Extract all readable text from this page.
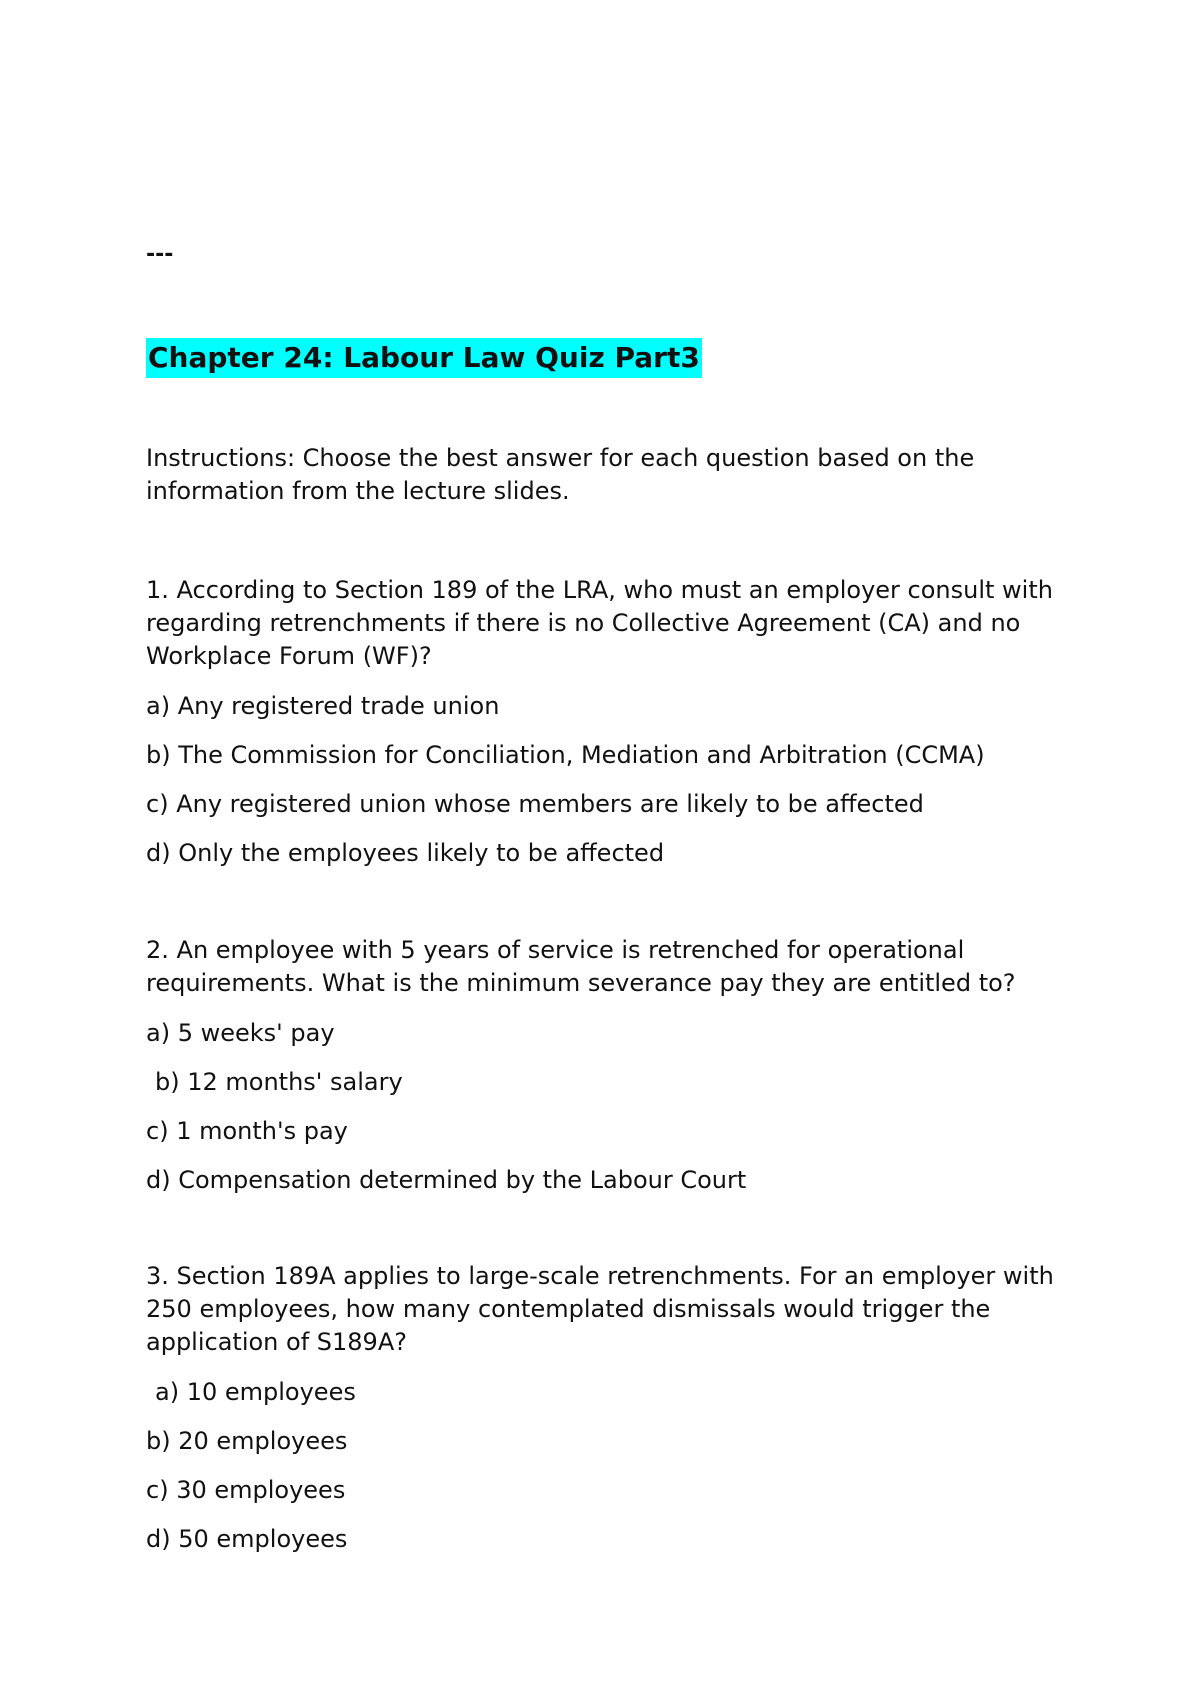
---
Chapter 24: Labour Law Quiz Part3
Instructions: Choose the best answer for each question based on the information from the lecture slides.
1. According to Section 189 of the LRA, who must an employer consult with regarding retrenchments if there is no Collective Agreement (CA) and no Workplace Forum (WF)?
a) Any registered trade union
b) The Commission for Conciliation, Mediation and Arbitration (CCMA)
c) Any registered union whose members are likely to be affected
d) Only the employees likely to be affected
2. An employee with 5 years of service is retrenched for operational requirements. What is the minimum severance pay they are entitled to?
a) 5 weeks' pay
b) 12 months' salary
c) 1 month's pay
d) Compensation determined by the Labour Court
3. Section 189A applies to large-scale retrenchments. For an employer with 250 employees, how many contemplated dismissals would trigger the application of S189A?
a) 10 employees
b) 20 employees
c) 30 employees
d) 50 employees
